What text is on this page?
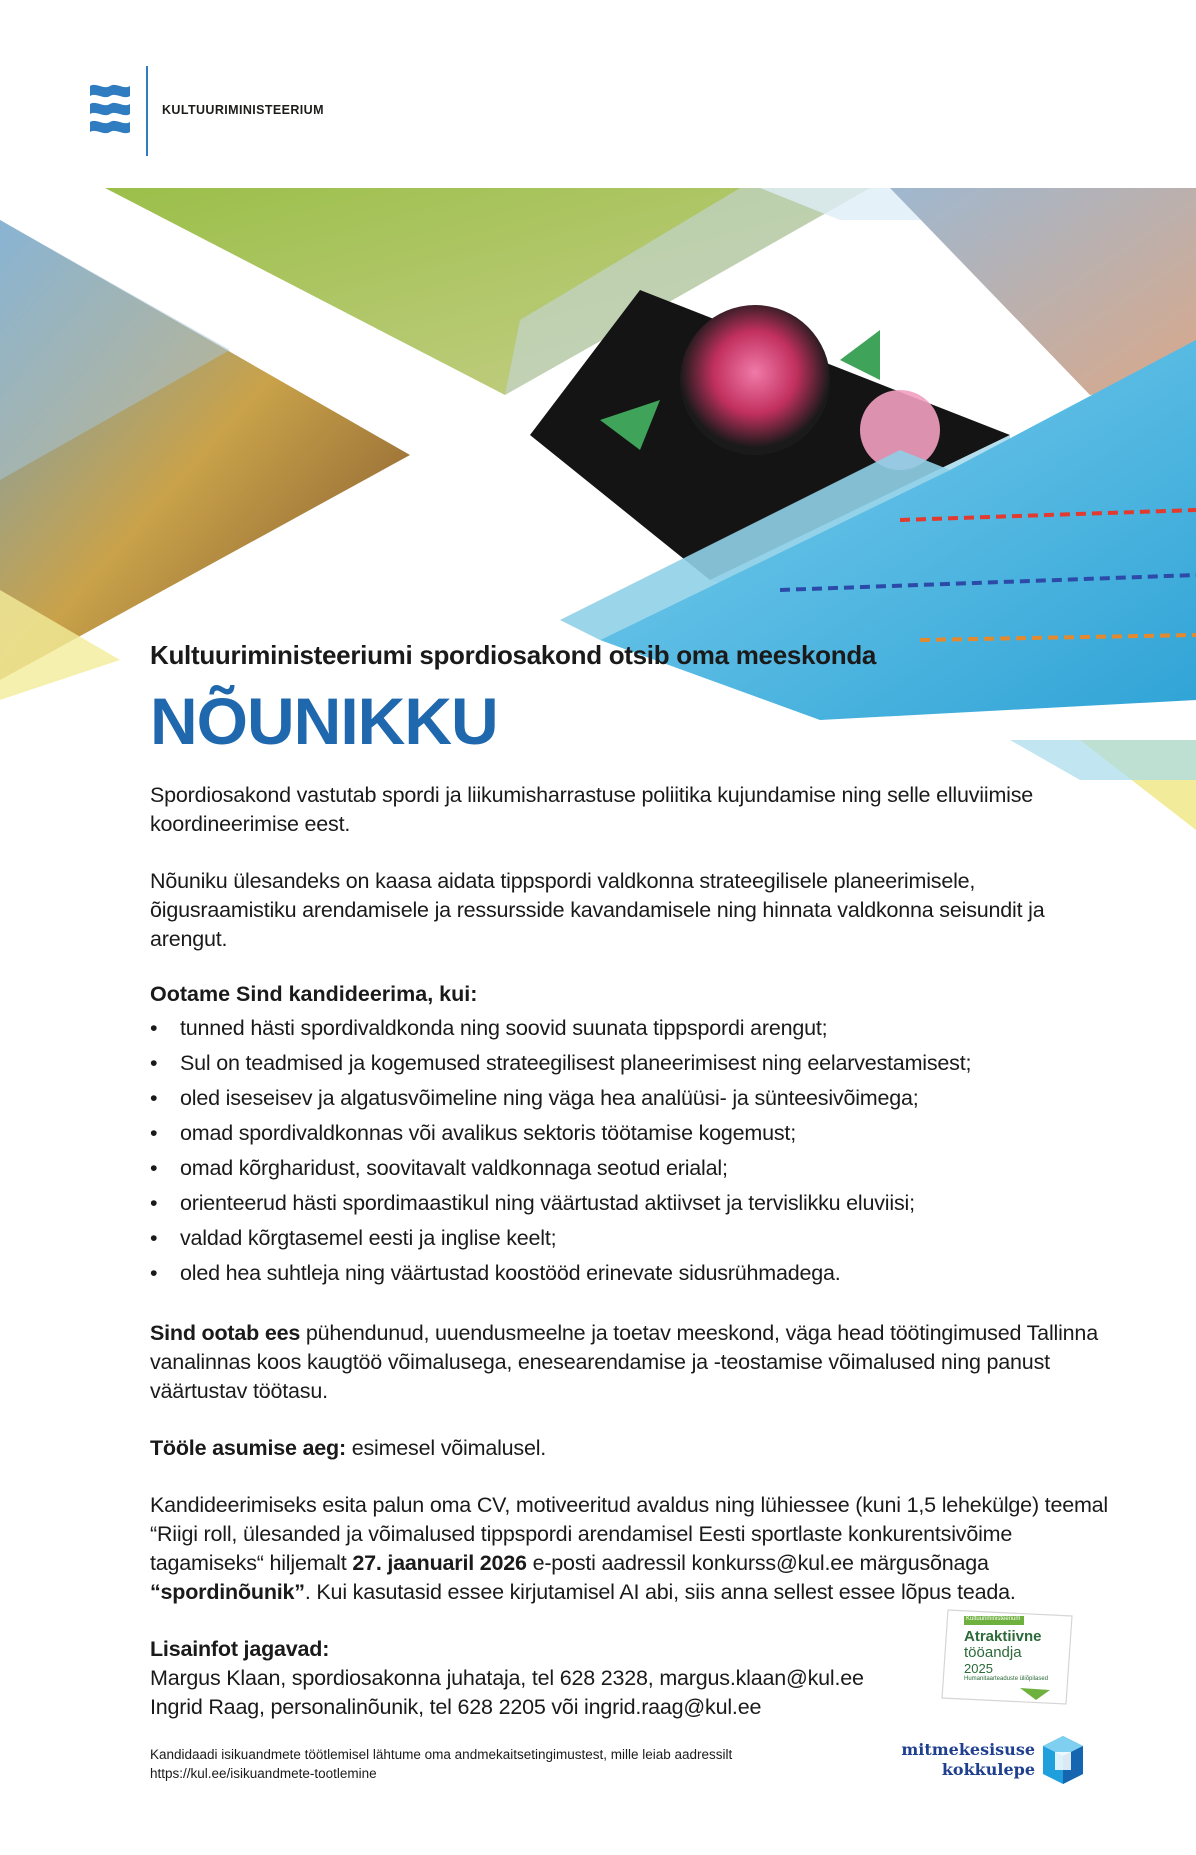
KULTUURIMINISTEERIUM
Kultuuriministeeriumi spordiosakond otsib oma meeskonda
NÕUNIKKU

Spordiosakond vastutab spordi ja liikumisharrastuse poliitika kujundamise ning selle elluviimise koordineerimise eest.

Nõuniku ülesandeks on kaasa aidata tippspordi valdkonna strateegilisele planeerimisele, õigusraamistiku arendamisele ja ressursside kavandamisele ning hinnata valdkonna seisundit ja arengut.

Ootame Sind kandideerima, kui:
• tunned hästi spordivaldkonda ning soovid suunata tippspordi arengut;
• Sul on teadmised ja kogemused strateegilisest planeerimisest ning eelarvestamisest;
• oled iseseisev ja algatusvõimeline ning väga hea analüüsi- ja sünteesivõimega;
• omad spordivaldkonnas või avalikus sektoris töötamise kogemust;
• omad kõrgharidust, soovitavalt valdkonnaga seotud erialal;
• orienteerud hästi spordimaastikul ning väärtustad aktiivset ja tervislikku eluviisi;
• valdad kõrgtasemel eesti ja inglise keelt;
• oled hea suhtleja ning väärtustad koostööd erinevate sidusrühmadega.

Sind ootab ees pühendunud, uuendusmeelne ja toetav meeskond, väga head töötingimused Tallinna vanalinnas koos kaugtöö võimalusega, enesearendamise ja -teostamise võimalused ning panust väärtustav töötasu.

Tööle asumise aeg: esimesel võimalusel.

Kandideerimiseks esita palun oma CV, motiveeritud avaldus ning lühiessee (kuni 1,5 lehekülge) teemal “Riigi roll, ülesanded ja võimalused tippspordi arendamisel Eesti sportlaste konkurentsivõime tagamiseks“ hiljemalt 27. jaanuaril 2026 e-posti aadressil konkurss@kul.ee märgusõnaga “spordinõunik”. Kui kasutasid essee kirjutamisel AI abi, siis anna sellest essee lõpus teada.

Lisainfot jagavad:
Margus Klaan, spordiosakonna juhataja, tel 628 2328, margus.klaan@kul.ee
Ingrid Raag, personalinõunik, tel 628 2205 või ingrid.raag@kul.ee

Kultuuriministeerium
Atraktiivne
tööandja
2025
Humanitaarteaduste üliõpilased
mitmekesisuse
kokkulepe
Kandidaadi isikuandmete töötlemisel lähtume oma andmekaitsetingimustest, mille leiab aadressilt
https://kul.ee/isikuandmete-tootlemine
